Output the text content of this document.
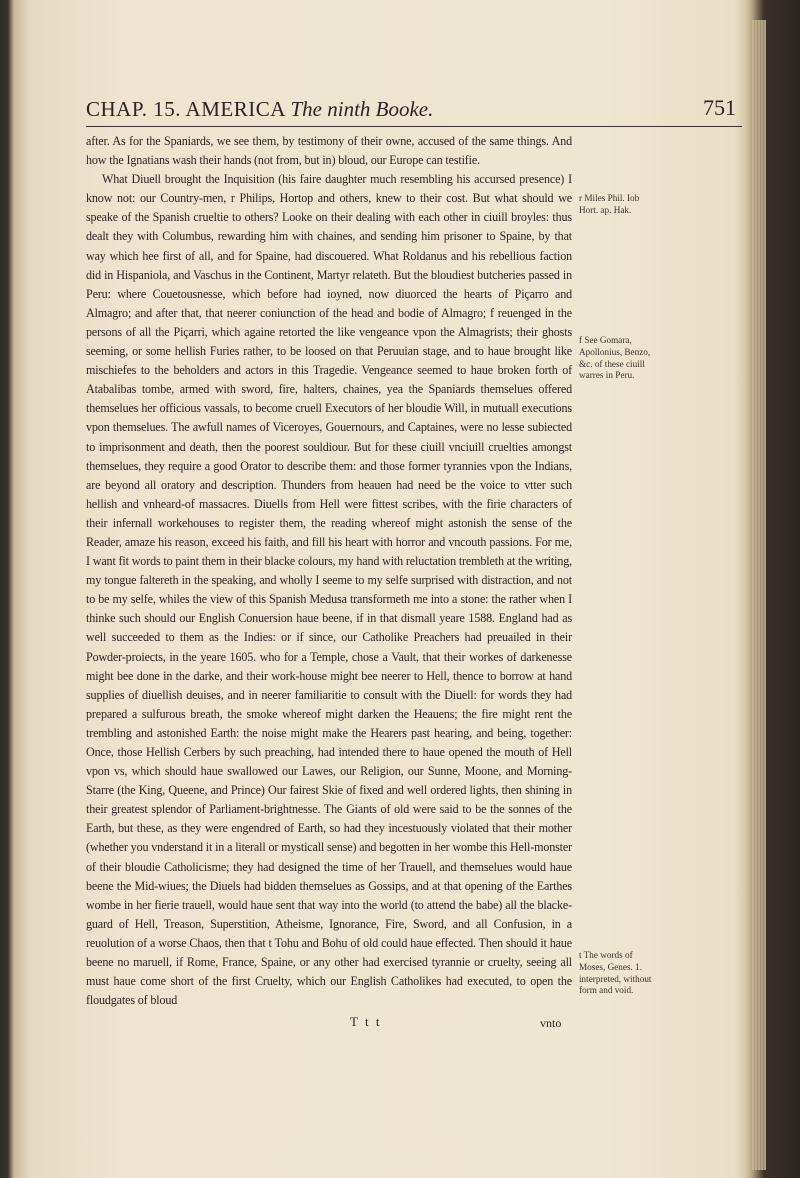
CHAP. 15. AMERICA The ninth Booke.	751

after. As for the Spaniards, we see them, by testimony of their owne, accused of the same things. And how the Ignatians wash their hands (not from, but in) bloud, our Europe can testifie.

What Diuell brought the Inquisition (his faire daughter much resembling his accursed presence) I know not: our Country-men, r Philips, Hortop and others, knew to their cost. But what should we speake of the Spanish crueltie to others? Looke on their dealing with each other in ciuill broyles: thus dealt they with Columbus, rewarding him with chaines, and sending him prisoner to Spaine, by that way which hee first of all, and for Spaine, had discouered. What Roldanus and his rebellious faction did in Hispaniola, and Vaschus in the Continent, Martyr relateth. But the bloudiest butcheries passed in Peru: where Couetousnesse, which before had ioyned, now diuorced the hearts of Piçarro and Almagro; and after that, that neerer coniunction of the head and bodie of Almagro; f reuenged in the persons of all the Piçarri, which againe retorted the like vengeance vpon the Almagrists; their ghosts seeming, or some hellish Furies rather, to be loosed on that Peruuian stage, and to haue brought like mischiefes to the beholders and actors in this Tragedie. Vengeance seemed to haue broken forth of Atabalibas tombe, armed with sword, fire, halters, chaines, yea the Spaniards themselues offered themselues her officious vassals, to become cruell Executors of her bloudie Will, in mutuall executions vpon themselues. The awfull names of Viceroyes, Gouernours, and Captaines, were no lesse subiected to imprisonment and death, then the poorest souldiour. But for these ciuill vnciuill cruelties amongst themselues, they require a good Orator to describe them: and those former tyrannies vpon the Indians, are beyond all oratory and description. Thunders from heauen had need be the voice to vtter such hellish and vnheard-of massacres. Diuells from Hell were fittest scribes, with the firie characters of their infernall workehouses to register them, the reading whereof might astonish the sense of the Reader, amaze his reason, exceed his faith, and fill his heart with horror and vncouth passions. For me, I want fit words to paint them in their blacke colours, my hand with reluctation trembleth at the writing, my tongue faltereth in the speaking, and wholly I seeme to my selfe surprised with distraction, and not to be my selfe, whiles the view of this Spanish Medusa transformeth me into a stone: the rather when I thinke such should our English Conuersion haue beene, if in that dismall yeare 1588. England had as well succeeded to them as the Indies: or if since, our Catholike Preachers had preuailed in their Powder-proiects, in the yeare 1605. who for a Temple, chose a Vault, that their workes of darkenesse might bee done in the darke, and their work-house might bee neerer to Hell, thence to borrow at hand supplies of diuellish deuises, and in neerer familiaritie to consult with the Diuell: for words they had prepared a sulfurous breath, the smoke whereof might darken the Heauens; the fire might rent the trembling and astonished Earth: the noise might make the Hearers past hearing, and being, together: Once, those Hellish Cerbers by such preaching, had intended there to haue opened the mouth of Hell vpon vs, which should haue swallowed our Lawes, our Religion, our Sunne, Moone, and Morning-Starre (the King, Queene, and Prince) Our fairest Skie of fixed and well ordered lights, then shining in their greatest splendor of Parliament-brightnesse. The Giants of old were said to be the sonnes of the Earth, but these, as they were engendred of Earth, so had they incestuously violated that their mother (whether you vnderstand it in a literall or mysticall sense) and begotten in her wombe this Hell-monster of their bloudie Catholicisme; they had designed the time of her Trauell, and themselues would haue beene the Mid-wiues; the Diuels had bidden themselues as Gossips, and at that opening of the Earthes wombe in her fierie trauell, would haue sent that way into the world (to attend the babe) all the blacke-guard of Hell, Treason, Superstition, Atheisme, Ignorance, Fire, Sword, and all Confusion, in a reuolution of a worse Chaos, then that t Tohu and Bohu of old could haue effected. Then should it haue beene no maruell, if Rome, France, Spaine, or any other had exercised tyrannie or cruelty, seeing all must haue come short of the first Cruelty, which our English Catholikes had executed, to open the floudgates of bloud

r Miles Phil. Iob Hort. ap. Hak.
f See Gomara, Apollonius, Benzo, &c. of these ciuill warres in Peru.
t The words of Moses, Genes. 1. interpreted, without form and void.
T t t	vnto
